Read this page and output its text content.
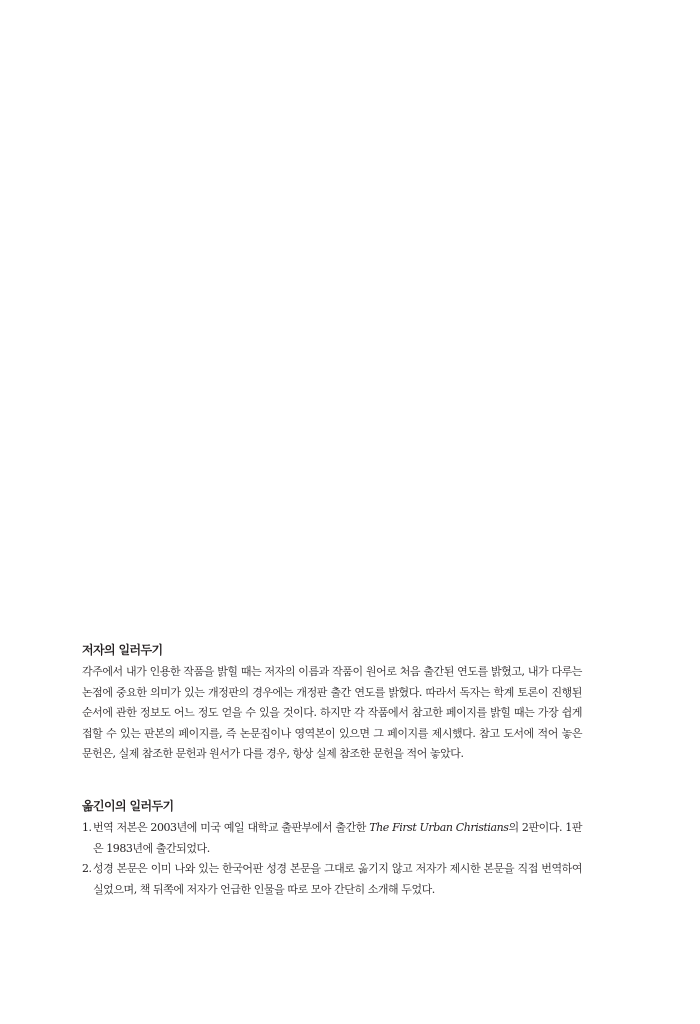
저자의 일러두기

각주에서 내가 인용한 작품을 밝힐 때는 저자의 이름과 작품이 원어로 처음 출간된 연도를 밝혔고, 내가 다루는 논점에 중요한 의미가 있는 개정판의 경우에는 개정판 출간 연도를 밝혔다. 따라서 독자는 학계 토론이 진행된 순서에 관한 정보도 어느 정도 얻을 수 있을 것이다. 하지만 각 작품에서 참고한 페이지를 밝힐 때는 가장 쉽게 접할 수 있는 판본의 페이지를, 즉 논문집이나 영역본이 있으면 그 페이지를 제시했다. 참고 도서에 적어 놓은 문헌은, 실제 참조한 문헌과 원서가 다를 경우, 항상 실제 참조한 문헌을 적어 놓았다.

옮긴이의 일러두기
1. 번역 저본은 2003년에 미국 예일 대학교 출판부에서 출간한 The First Urban Christians의 2판이다. 1판은 1983년에 출간되었다.
2. 성경 본문은 이미 나와 있는 한국어판 성경 본문을 그대로 옮기지 않고 저자가 제시한 본문을 직접 번역하여 실었으며, 책 뒤쪽에 저자가 언급한 인물을 따로 모아 간단히 소개해 두었다.
